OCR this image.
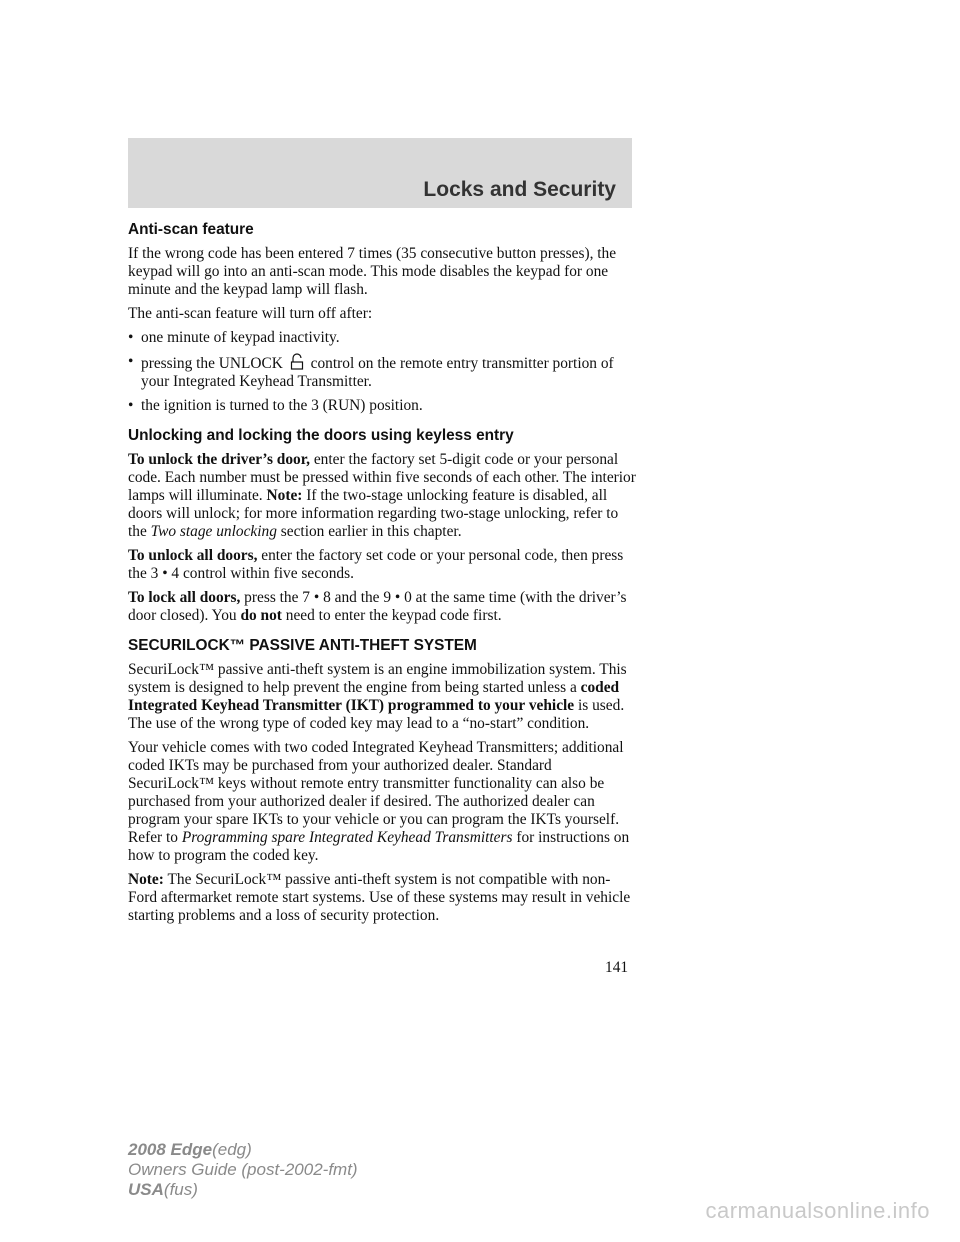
Locks and Security
Anti-scan feature

If the wrong code has been entered 7 times (35 consecutive button presses), the keypad will go into an anti-scan mode. This mode disables the keypad for one minute and the keypad lamp will flash.

The anti-scan feature will turn off after:

• one minute of keypad inactivity.
• pressing the UNLOCK control on the remote entry transmitter portion of your Integrated Keyhead Transmitter.
• the ignition is turned to the 3 (RUN) position.
Unlocking and locking the doors using keyless entry

To unlock the driver’s door, enter the factory set 5-digit code or your personal code. Each number must be pressed within five seconds of each other. The interior lamps will illuminate. Note: If the two-stage unlocking feature is disabled, all doors will unlock; for more information regarding two-stage unlocking, refer to the Two stage unlocking section earlier in this chapter.

To unlock all doors, enter the factory set code or your personal code, then press the 3 • 4 control within five seconds.

To lock all doors, press the 7 • 8 and the 9 • 0 at the same time (with the driver’s door closed). You do not need to enter the keypad code first.

SECURILOCK™ PASSIVE ANTI-THEFT SYSTEM

SecuriLock™ passive anti-theft system is an engine immobilization system. This system is designed to help prevent the engine from being started unless a coded Integrated Keyhead Transmitter (IKT) programmed to your vehicle is used. The use of the wrong type of coded key may lead to a “no-start” condition.

Your vehicle comes with two coded Integrated Keyhead Transmitters; additional coded IKTs may be purchased from your authorized dealer. Standard SecuriLock™ keys without remote entry transmitter functionality can also be purchased from your authorized dealer if desired. The authorized dealer can program your spare IKTs to your vehicle or you can program the IKTs yourself. Refer to Programming spare Integrated Keyhead Transmitters for instructions on how to program the coded key.

Note: The SecuriLock™ passive anti-theft system is not compatible with non-Ford aftermarket remote start systems. Use of these systems may result in vehicle starting problems and a loss of security protection.

141
2008 Edge(edg)
Owners Guide (post-2002-fmt)
USA(fus)
carmanualsonline.info
